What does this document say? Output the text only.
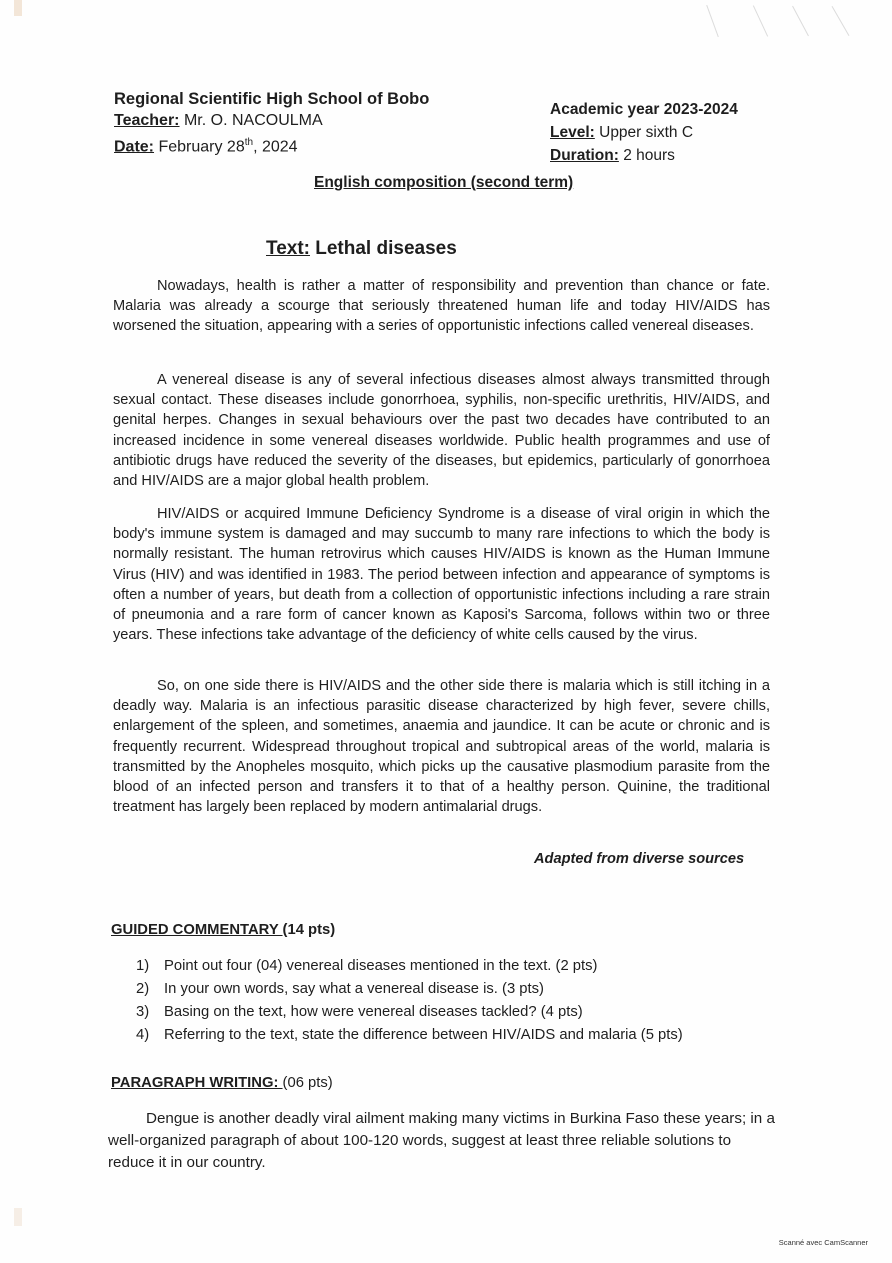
Regional Scientific High School of Bobo
Teacher: Mr. O. NACOULMA
Date: February 28th, 2024
Academic year 2023-2024
Level: Upper sixth C
Duration: 2 hours
English composition (second term)
Text: Lethal diseases

Nowadays, health is rather a matter of responsibility and prevention than chance or fate. Malaria was already a scourge that seriously threatened human life and today HIV/AIDS has worsened the situation, appearing with a series of opportunistic infections called venereal diseases.

A venereal disease is any of several infectious diseases almost always transmitted through sexual contact. These diseases include gonorrhoea, syphilis, non-specific urethritis, HIV/AIDS, and genital herpes. Changes in sexual behaviours over the past two decades have contributed to an increased incidence in some venereal diseases worldwide. Public health programmes and use of antibiotic drugs have reduced the severity of the diseases, but epidemics, particularly of gonorrhoea and HIV/AIDS are a major global health problem.

HIV/AIDS or acquired Immune Deficiency Syndrome is a disease of viral origin in which the body's immune system is damaged and may succumb to many rare infections to which the body is normally resistant. The human retrovirus which causes HIV/AIDS is known as the Human Immune Virus (HIV) and was identified in 1983. The period between infection and appearance of symptoms is often a number of years, but death from a collection of opportunistic infections including a rare strain of pneumonia and a rare form of cancer known as Kaposi's Sarcoma, follows within two or three years. These infections take advantage of the deficiency of white cells caused by the virus.

So, on one side there is HIV/AIDS and the other side there is malaria which is still itching in a deadly way. Malaria is an infectious parasitic disease characterized by high fever, severe chills, enlargement of the spleen, and sometimes, anaemia and jaundice. It can be acute or chronic and is frequently recurrent. Widespread throughout tropical and subtropical areas of the world, malaria is transmitted by the Anopheles mosquito, which picks up the causative plasmodium parasite from the blood of an infected person and transfers it to that of a healthy person. Quinine, the traditional treatment has largely been replaced by modern antimalarial drugs.

Adapted from diverse sources
GUIDED COMMENTARY (14 pts)
1)	Point out four (04) venereal diseases mentioned in the text. (2 pts)
2)	In your own words, say what a venereal disease is. (3 pts)
3)	Basing on the text, how were venereal diseases tackled? (4 pts)
4)	Referring to the text, state the difference between HIV/AIDS and malaria (5 pts)
PARAGRAPH WRITING: (06 pts)

Dengue is another deadly viral ailment making many victims in Burkina Faso these years; in a well-organized paragraph of about 100-120 words, suggest at least three reliable solutions to reduce it in our country.

Scanné avec CamScanner
